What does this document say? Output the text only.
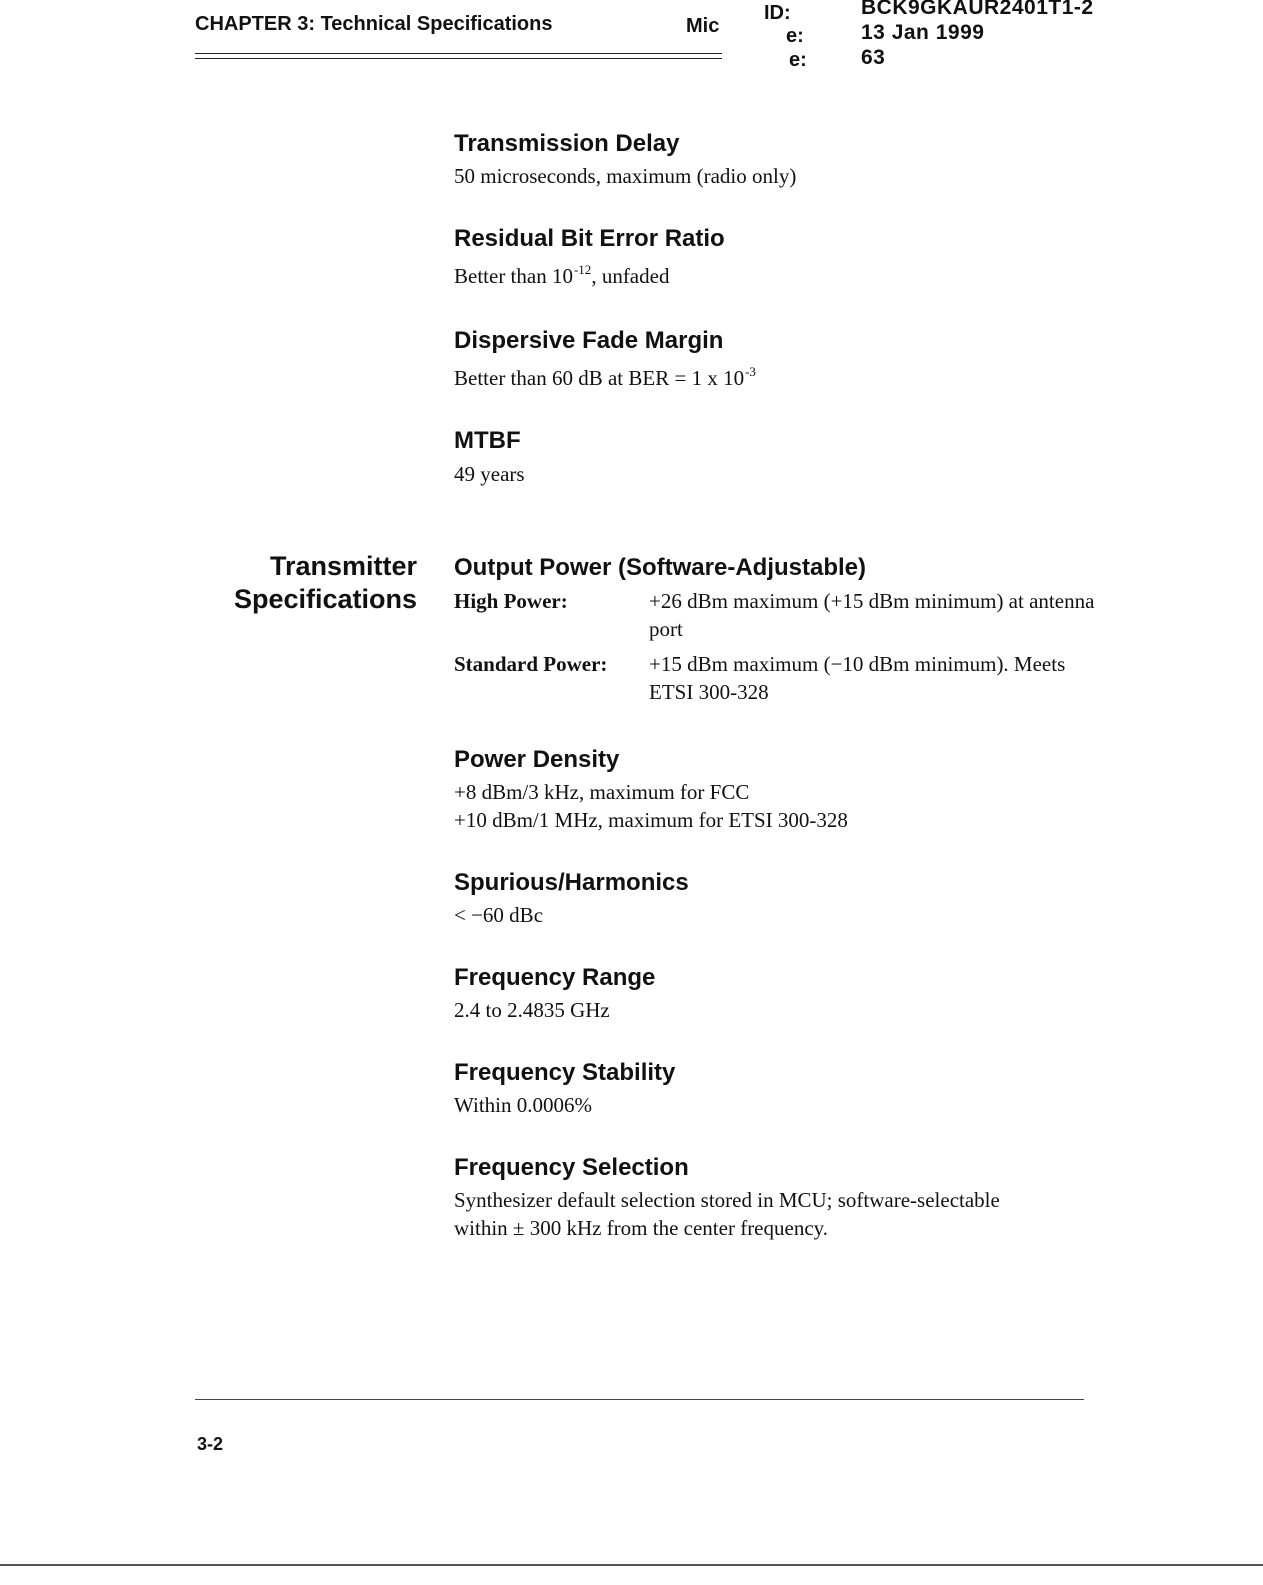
CHAPTER 3: Technical Specifications	Mic
ID:	BCK9GKAUR2401T1-2
e:	13 Jan 1999
e:	63
Transmitter
Specifications
Transmission Delay
50 microseconds, maximum (radio only)
Residual Bit Error Ratio
Better than $10^{-12}$, unfaded
Dispersive Fade Margin
Better than 60 dB at BER = 1 x $10^{-3}$
MTBF
49 years
Output Power (Software-Adjustable)
High Power:	+26 dBm maximum (+15 dBm minimum) at antenna port
Standard Power:	+15 dBm maximum (−10 dBm minimum). Meets ETSI 300-328
Power Density
+8 dBm/3 kHz, maximum for FCC
+10 dBm/1 MHz, maximum for ETSI 300-328
Spurious/Harmonics
< −60 dBc
Frequency Range
2.4 to 2.4835 GHz
Frequency Stability
Within 0.0006%
Frequency Selection
Synthesizer default selection stored in MCU; software-selectable within ± 300 kHz from the center frequency.
3-2
